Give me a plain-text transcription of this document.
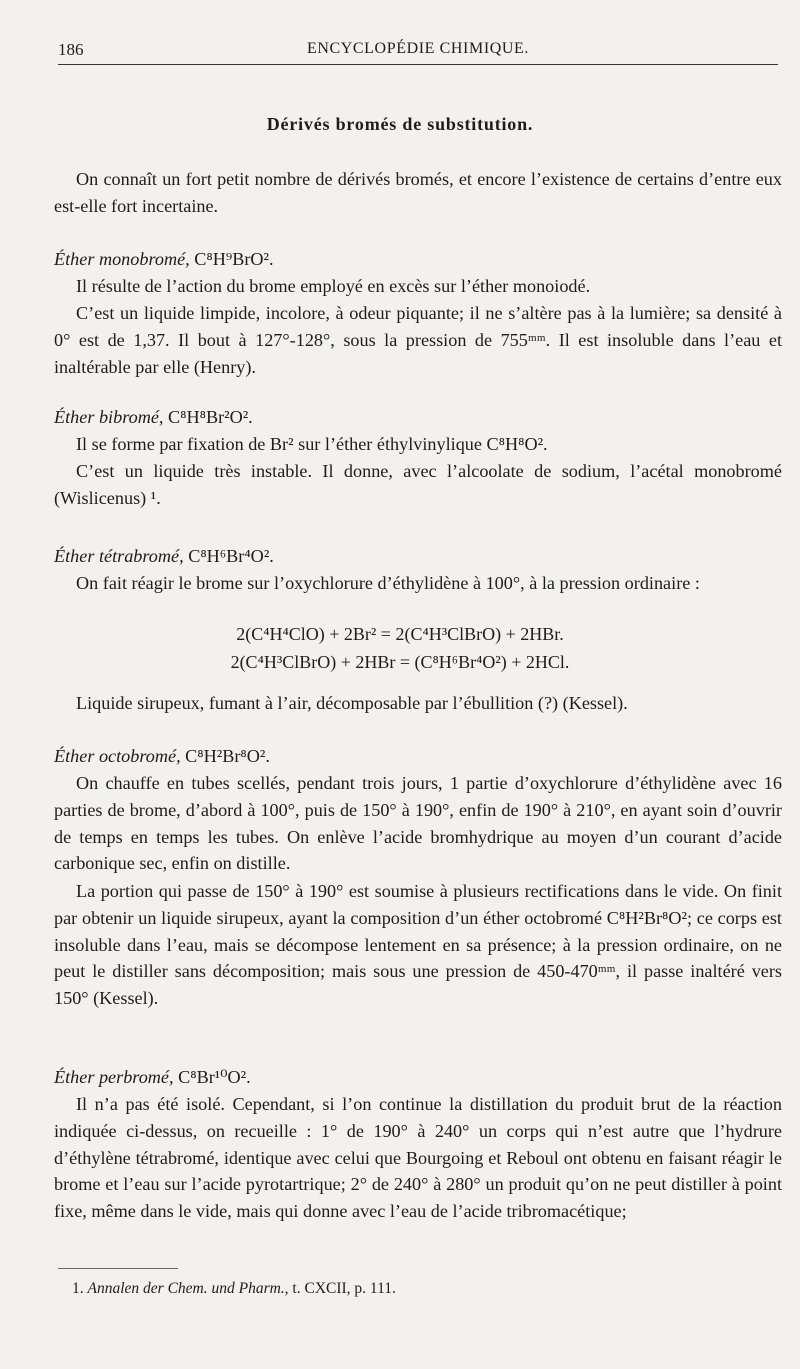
186	ENCYCLOPÉDIE CHIMIQUE.
Dérivés bromés de substitution.
On connaît un fort petit nombre de dérivés bromés, et encore l’existence de certains d’entre eux est-elle fort incertaine.
Éther monobromé, C⁸H⁹BrO².
Il résulte de l’action du brome employé en excès sur l’éther monoiodé.
C’est un liquide limpide, incolore, à odeur piquante; il ne s’altère pas à la lumière; sa densité à 0° est de 1,37. Il bout à 127°-128°, sous la pression de 755ᵐᵐ. Il est insoluble dans l’eau et inaltérable par elle (Henry).
Éther bibromé, C⁸H⁸Br²O².
Il se forme par fixation de Br² sur l’éther éthylvinylique C⁸H⁸O².
C’est un liquide très instable. Il donne, avec l’alcoolate de sodium, l’acétal monobromé (Wislicenus) ¹.
Éther tétrabromé, C⁸H⁶Br⁴O².
On fait réagir le brome sur l’oxychlorure d’éthylidène à 100°, à la pression ordinaire :
2(C⁴H⁴ClO) + 2Br² = 2(C⁴H³ClBrO) + 2HBr.
2(C⁴H³ClBrO) + 2HBr = (C⁸H⁶Br⁴O²) + 2HCl.
Liquide sirupeux, fumant à l’air, décomposable par l’ébullition (?) (Kessel).
Éther octobromé, C⁸H²Br⁸O².
On chauffe en tubes scellés, pendant trois jours, 1 partie d’oxychlorure d’éthylidène avec 16 parties de brome, d’abord à 100°, puis de 150° à 190°, enfin de 190° à 210°, en ayant soin d’ouvrir de temps en temps les tubes. On enlève l’acide bromhydrique au moyen d’un courant d’acide carbonique sec, enfin on distille.
La portion qui passe de 150° à 190° est soumise à plusieurs rectifications dans le vide. On finit par obtenir un liquide sirupeux, ayant la composition d’un éther octobromé C⁸H²Br⁸O²; ce corps est insoluble dans l’eau, mais se décompose lentement en sa présence; à la pression ordinaire, on ne peut le distiller sans décomposition; mais sous une pression de 450-470ᵐᵐ, il passe inaltéré vers 150° (Kessel).
Éther perbromé, C⁸Br¹⁰O².
Il n’a pas été isolé. Cependant, si l’on continue la distillation du produit brut de la réaction indiquée ci-dessus, on recueille : 1° de 190° à 240° un corps qui n’est autre que l’hydrure d’éthylène tétrabromé, identique avec celui que Bourgoing et Reboul ont obtenu en faisant réagir le brome et l’eau sur l’acide pyrotartrique; 2° de 240° à 280° un produit qu’on ne peut distiller à point fixe, même dans le vide, mais qui donne avec l’eau de l’acide tribromacétique;
1. Annalen der Chem. und Pharm., t. CXCII, p. 111.
